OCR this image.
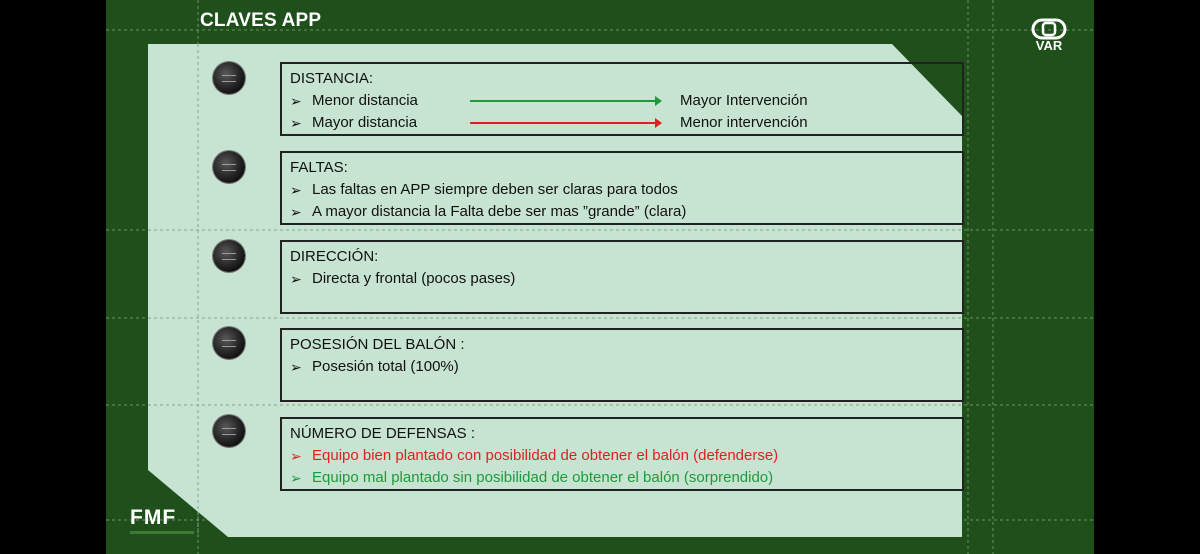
CLAVES APP
VAR
DISTANCIA:
➢ Menor distancia	Mayor Intervención
➢ Mayor distancia	Menor intervención
FALTAS:
➢ Las faltas en APP siempre deben ser claras para todos
➢ A mayor distancia la Falta debe ser mas ”grande” (clara)
DIRECCIÓN:
➢ Directa y frontal (pocos pases)
POSESIÓN DEL BALÓN :
➢ Posesión total (100%)
NÚMERO DE DEFENSAS :
➢ Equipo bien plantado con posibilidad de obtener el balón (defenderse)
➢ Equipo mal plantado sin posibilidad de obtener el balón (sorprendido)
FMF
